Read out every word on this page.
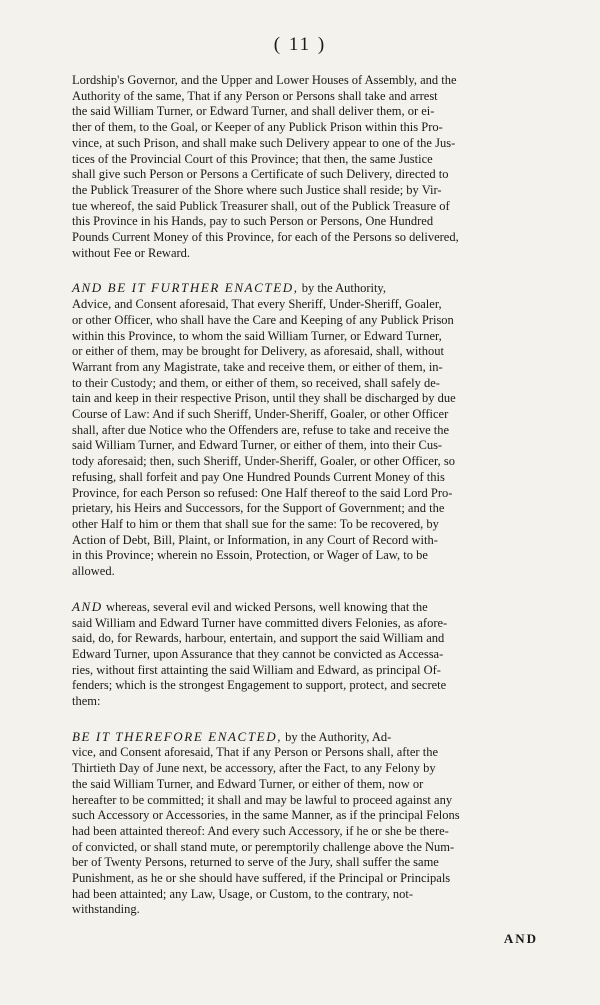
( 11 )

Lordship's Governor, and the Upper and Lower Houses of Assembly, and the
Authority of the same, That if any Person or Persons shall take and arrest
the said William Turner, or Edward Turner, and shall deliver them, or ei-
ther of them, to the Goal, or Keeper of any Publick Prison within this Pro-
vince, at such Prison, and shall make such Delivery appear to one of the Jus-
tices of the Provincial Court of this Province; that then, the same Justice
shall give such Person or Persons a Certificate of such Delivery, directed to
the Publick Treasurer of the Shore where such Justice shall reside; by Vir-
tue whereof, the said Publick Treasurer shall, out of the Publick Treasure of
this Province in his Hands, pay to such Person or Persons, One Hundred
Pounds Current Money of this Province, for each of the Persons so delivered,
without Fee or Reward.

AND BE IT FURTHER ENACTED, by the Authority,
Advice, and Consent aforesaid, That every Sheriff, Under-Sheriff, Goaler,
or other Officer, who shall have the Care and Keeping of any Publick Prison
within this Province, to whom the said William Turner, or Edward Turner,
or either of them, may be brought for Delivery, as aforesaid, shall, without
Warrant from any Magistrate, take and receive them, or either of them, in-
to their Custody; and them, or either of them, so received, shall safely de-
tain and keep in their respective Prison, until they shall be discharged by due
Course of Law: And if such Sheriff, Under-Sheriff, Goaler, or other Officer
shall, after due Notice who the Offenders are, refuse to take and receive the
said William Turner, and Edward Turner, or either of them, into their Cus-
tody aforesaid; then, such Sheriff, Under-Sheriff, Goaler, or other Officer, so
refusing, shall forfeit and pay One Hundred Pounds Current Money of this
Province, for each Person so refused: One Half thereof to the said Lord Pro-
prietary, his Heirs and Successors, for the Support of Government; and the
other Half to him or them that shall sue for the same: To be recovered, by
Action of Debt, Bill, Plaint, or Information, in any Court of Record with-
in this Province; wherein no Essoin, Protection, or Wager of Law, to be
allowed.

AND whereas, several evil and wicked Persons, well knowing that the
said William and Edward Turner have committed divers Felonies, as afore-
said, do, for Rewards, harbour, entertain, and support the said William and
Edward Turner, upon Assurance that they cannot be convicted as Accessa-
ries, without first attainting the said William and Edward, as principal Of-
fenders; which is the strongest Engagement to support, protect, and secrete
them:

BE IT THEREFORE ENACTED, by the Authority, Ad-
vice, and Consent aforesaid, That if any Person or Persons shall, after the
Thirtieth Day of June next, be accessory, after the Fact, to any Felony by
the said William Turner, and Edward Turner, or either of them, now or
hereafter to be committed; it shall and may be lawful to proceed against any
such Accessory or Accessories, in the same Manner, as if the principal Felons
had been attainted thereof: And every such Accessory, if he or she be there-
of convicted, or shall stand mute, or peremptorily challenge above the Num-
ber of Twenty Persons, returned to serve of the Jury, shall suffer the same
Punishment, as he or she should have suffered, if the Principal or Principals
had been attainted; any Law, Usage, or Custom, to the contrary, not-
withstanding.

AND
